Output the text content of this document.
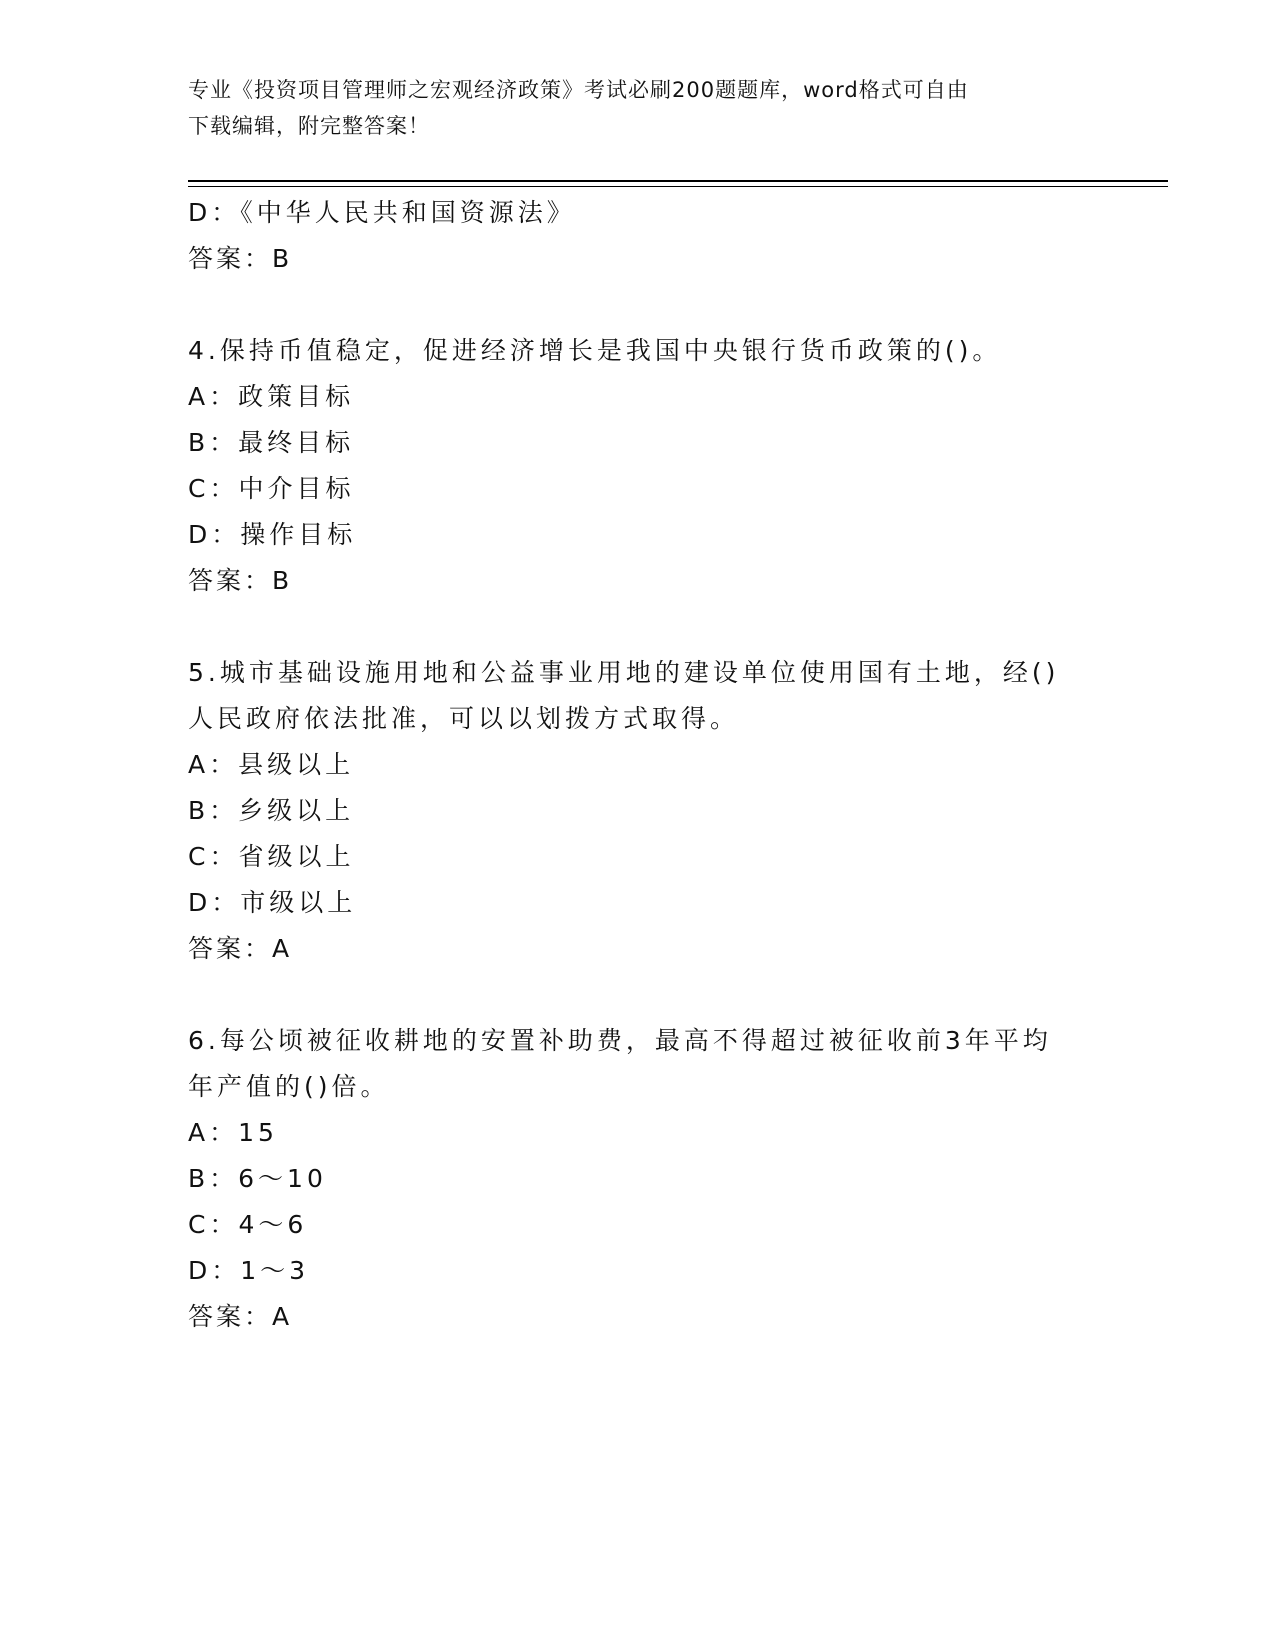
专业《投资项目管理师之宏观经济政策》考试必刷200题题库，word格式可自由
下载编辑，附完整答案！
D：《中华人民共和国资源法》
答案：B
4.保持币值稳定，促进经济增长是我国中央银行货币政策的()。
A：政策目标
B：最终目标
C：中介目标
D：操作目标
答案：B
5.城市基础设施用地和公益事业用地的建设单位使用国有土地，经()
人民政府依法批准，可以以划拨方式取得。
A：县级以上
B：乡级以上
C：省级以上
D：市级以上
答案：A
6.每公顷被征收耕地的安置补助费，最高不得超过被征收前3年平均
年产值的()倍。
A：15
B：6～10
C：4～6
D：1～3
答案：A
